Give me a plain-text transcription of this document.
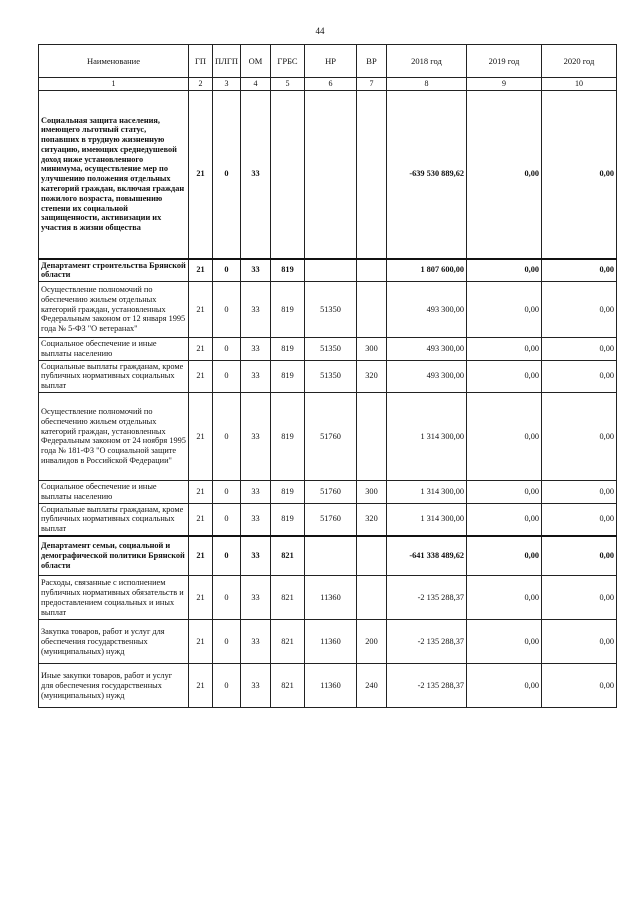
44
Наименование	ГП	ПЛГП	ОМ	ГРБС	НР	ВР	2018 год	2019 год	2020 год
1	2	3	4	5	6	7	8	9	10
Социальная защита населения, имеющего льготный статус, попавших в трудную жизненную ситуацию, имеющих среднедушевой доход ниже установленного минимума, осуществление мер по улучшению положения отдельных категорий граждан, включая граждан пожилого возраста, повышению степени их социальной защищенности, активизации их участия в жизни общества	21	0	33				-639 530 889,62	0,00	0,00
Департамент строительства Брянской области	21	0	33	819			1 807 600,00	0,00	0,00
Осуществление полномочий по обеспечению жильем отдельных категорий граждан, установленных Федеральным законом от 12 января 1995 года № 5-ФЗ "О ветеранах"	21	0	33	819	51350		493 300,00	0,00	0,00
Социальное обеспечение и иные выплаты населению	21	0	33	819	51350	300	493 300,00	0,00	0,00
Социальные выплаты гражданам, кроме публичных нормативных социальных выплат	21	0	33	819	51350	320	493 300,00	0,00	0,00
Осуществление полномочий по обеспечению жильем отдельных категорий граждан, установленных Федеральным законом от 24 ноября 1995 года № 181-ФЗ "О социальной защите инвалидов в Российской Федерации"	21	0	33	819	51760		1 314 300,00	0,00	0,00
Социальное обеспечение и иные выплаты населению	21	0	33	819	51760	300	1 314 300,00	0,00	0,00
Социальные выплаты гражданам, кроме публичных нормативных социальных выплат	21	0	33	819	51760	320	1 314 300,00	0,00	0,00
Департамент семьи, социальной и демографической политики Брянской области	21	0	33	821			-641 338 489,62	0,00	0,00
Расходы, связанные с исполнением публичных нормативных обязательств и предоставлением социальных и иных выплат	21	0	33	821	11360		-2 135 288,37	0,00	0,00
Закупка товаров, работ и услуг для обеспечения государственных (муниципальных) нужд	21	0	33	821	11360	200	-2 135 288,37	0,00	0,00
Иные закупки товаров, работ и услуг для обеспечения государственных (муниципальных) нужд	21	0	33	821	11360	240	-2 135 288,37	0,00	0,00
